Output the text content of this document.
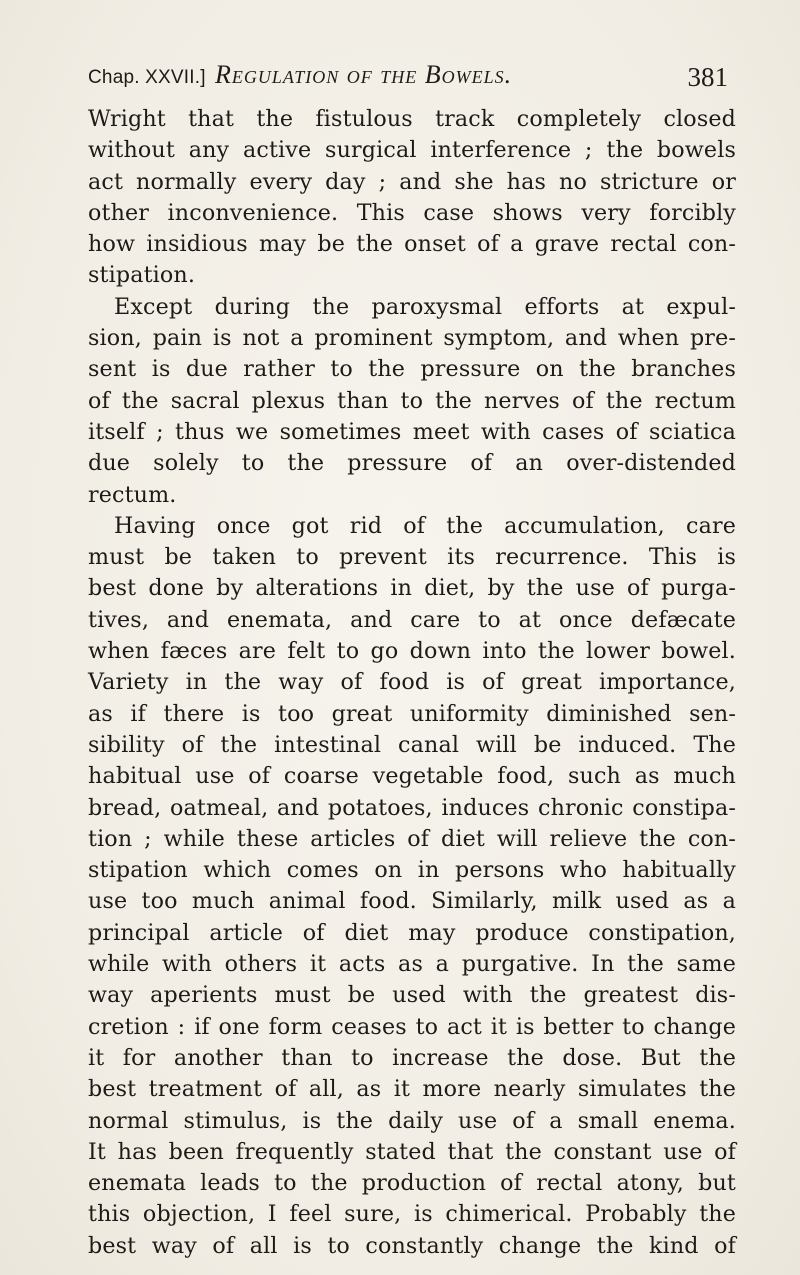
Chap. XXVII.] Regulation of the Bowels.	381
Wright that the fistulous track completely closed
without any active surgical interference ; the bowels
act normally every day ; and she has no stricture or
other inconvenience. This case shows very forcibly
how insidious may be the onset of a grave rectal con-
stipation.
Except during the paroxysmal efforts at expul-
sion, pain is not a prominent symptom, and when pre-
sent is due rather to the pressure on the branches
of the sacral plexus than to the nerves of the rectum
itself ; thus we sometimes meet with cases of sciatica
due solely to the pressure of an over-distended
rectum.
Having once got rid of the accumulation, care
must be taken to prevent its recurrence. This is
best done by alterations in diet, by the use of purga-
tives, and enemata, and care to at once defæcate
when fæces are felt to go down into the lower bowel.
Variety in the way of food is of great importance,
as if there is too great uniformity diminished sen-
sibility of the intestinal canal will be induced. The
habitual use of coarse vegetable food, such as much
bread, oatmeal, and potatoes, induces chronic constipa-
tion ; while these articles of diet will relieve the con-
stipation which comes on in persons who habitually
use too much animal food. Similarly, milk used as a
principal article of diet may produce constipation,
while with others it acts as a purgative. In the same
way aperients must be used with the greatest dis-
cretion : if one form ceases to act it is better to change
it for another than to increase the dose. But the
best treatment of all, as it more nearly simulates the
normal stimulus, is the daily use of a small enema.
It has been frequently stated that the constant use of
enemata leads to the production of rectal atony, but
this objection, I feel sure, is chimerical. Probably the
best way of all is to constantly change the kind of
